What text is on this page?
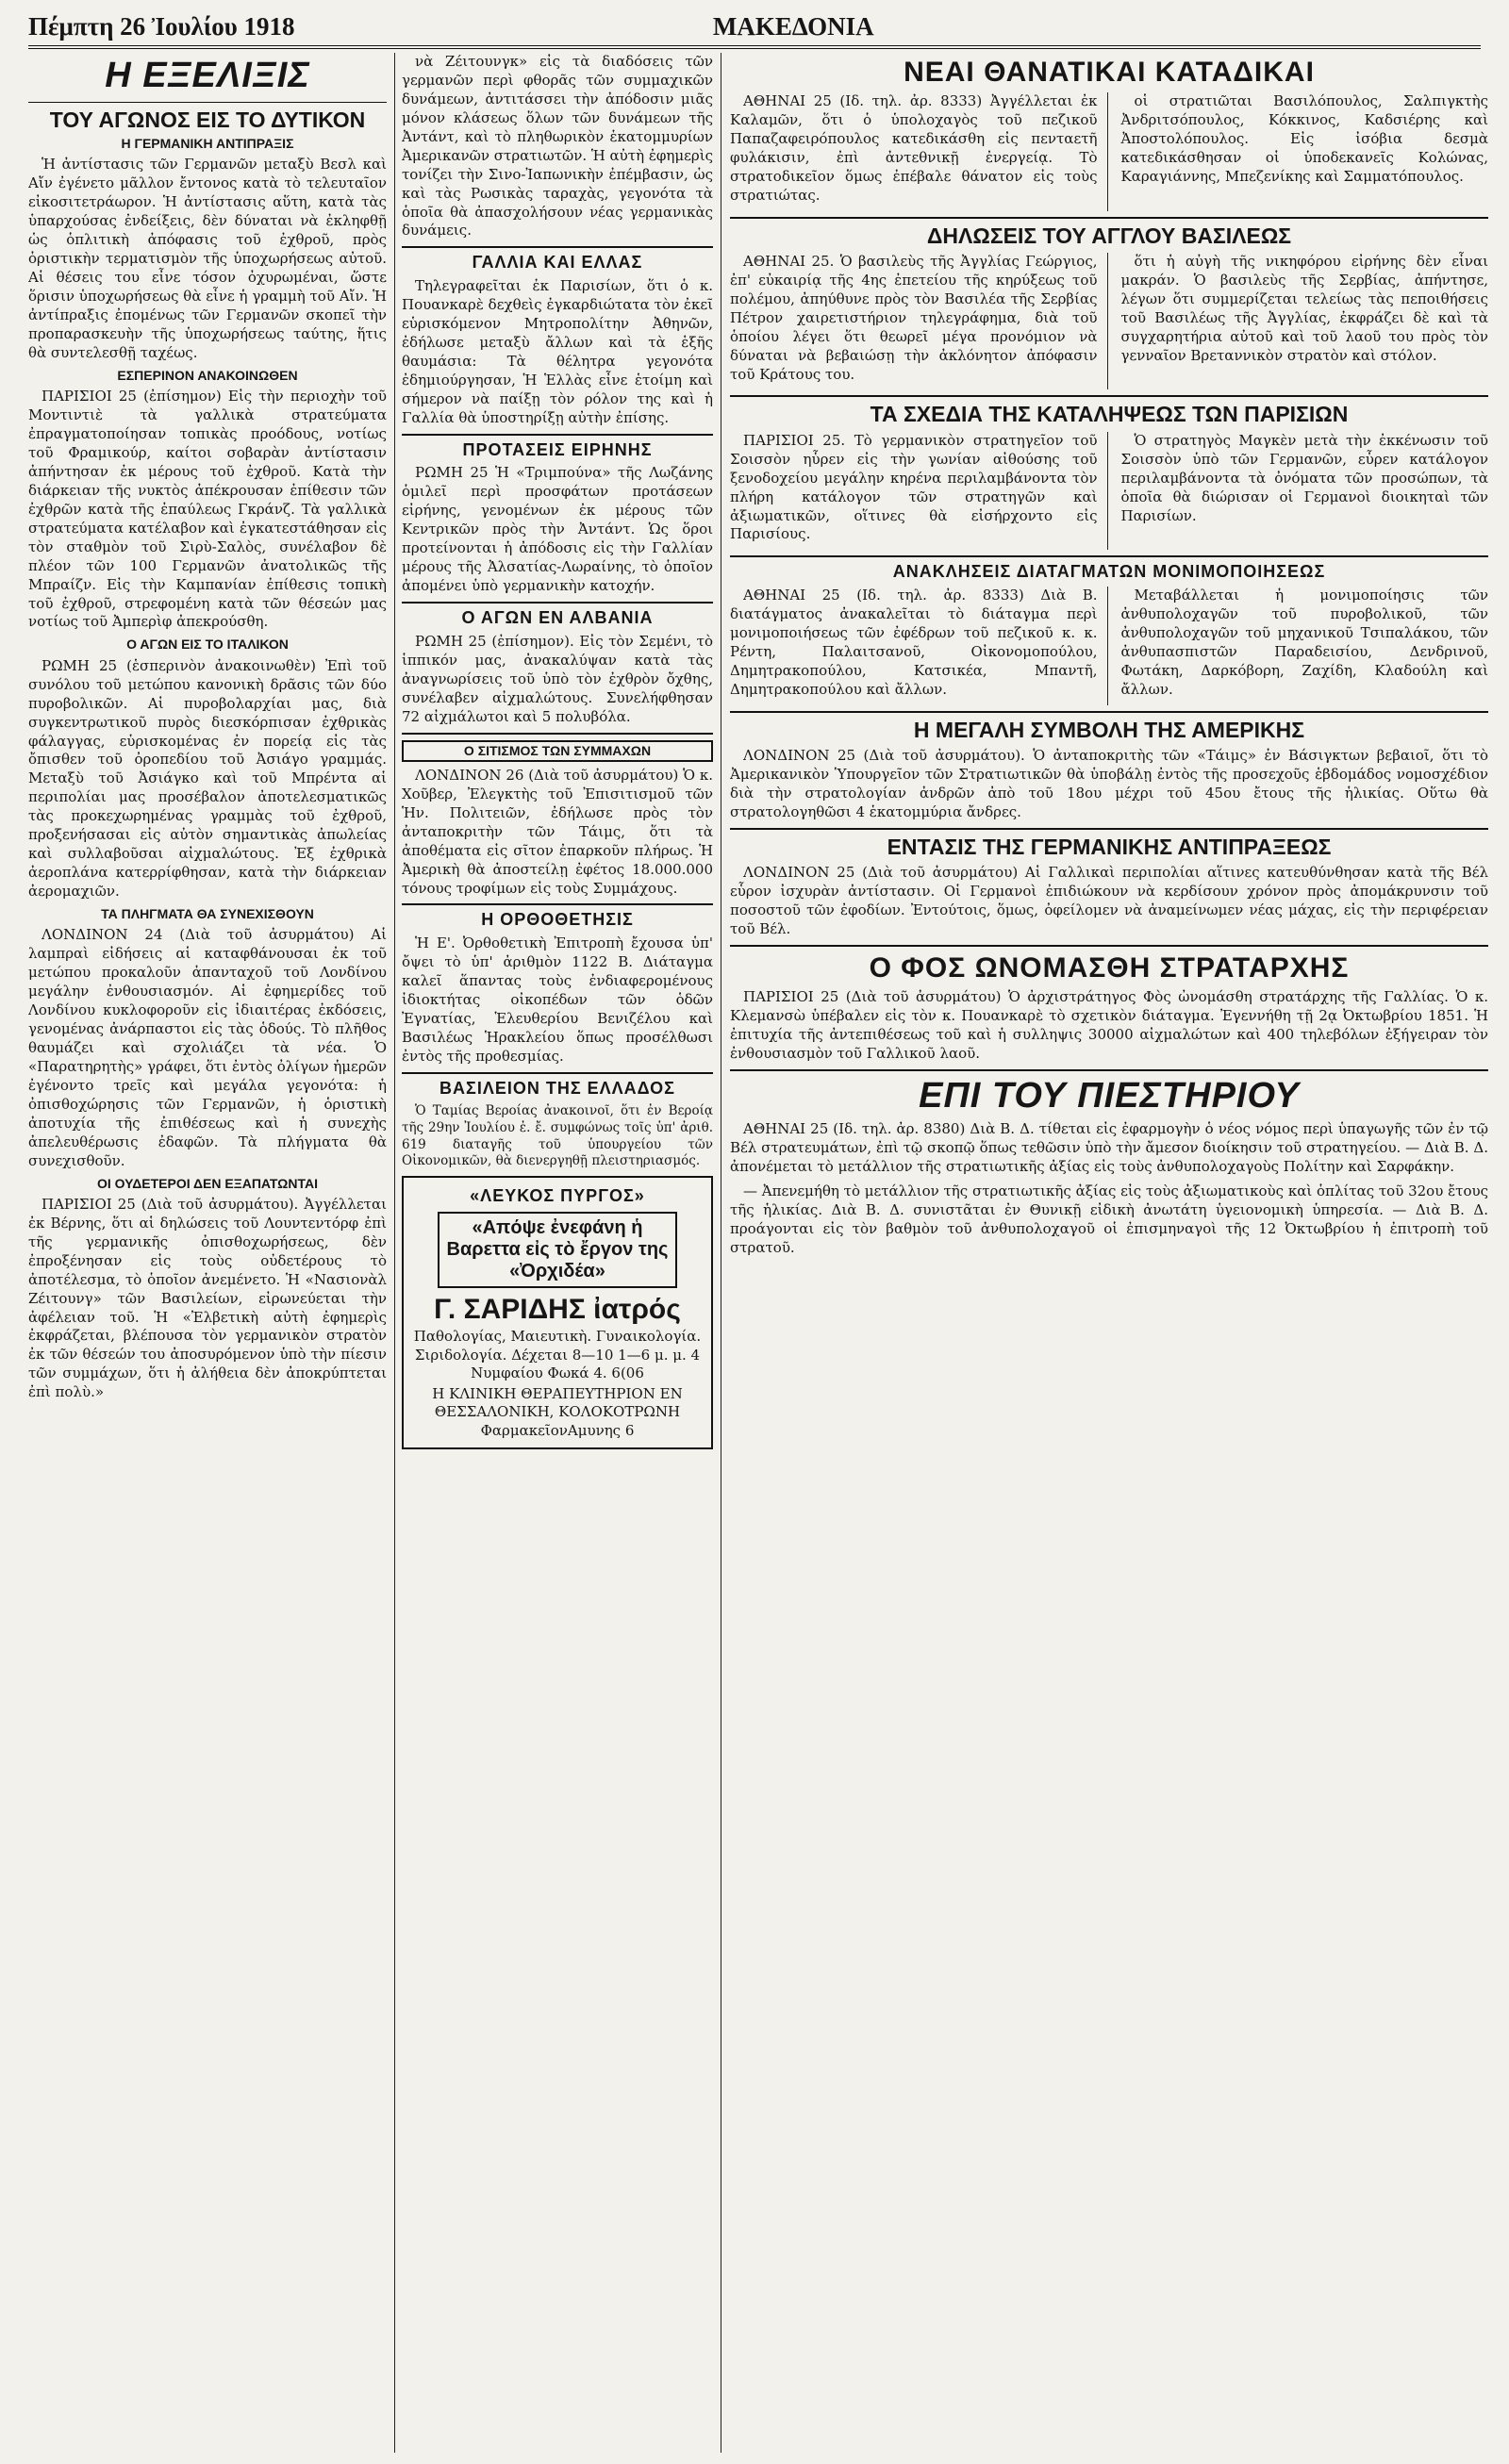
Πέμπτη 26 Ἰουλίου 1918	ΜΑΚΕΔΟΝΙΑ
Η ΕΞΕΛΙΞΙΣ
ΤΟΥ ΑΓΩΝΟΣ ΕΙΣ ΤΟ ΔΥΤΙΚΟΝ
Η ΓΕΡΜΑΝΙΚΗ ΑΝΤΙΠΡΑΞΙΣ

Ἡ ἀντίστασις τῶν Γερμανῶν μεταξὺ Βεσλ καὶ Αἴν ἐγένετο μᾶλλον ἔντονος κατὰ τὸ τελευταῖον εἰκοσιτετράωρον. Ἡ ἀντίστασις αὕτη, κατὰ τὰς ὑπαρχούσας ἐνδείξεις, δὲν δύναται νὰ ἐκληφθῇ ὡς ὁπλιτικὴ ἀπόφασις τοῦ ἐχθροῦ, πρὸς ὁριστικὴν τερματισμὸν τῆς ὑποχωρήσεως αὐτοῦ. Αἱ θέσεις του εἶνε τόσον ὀχυρωμέναι, ὥστε ὅρισιν ὑποχωρήσεως θὰ εἶνε ἡ γραμμὴ τοῦ Αἴν. Ἡ ἀντίπραξις ἐπομένως τῶν Γερμανῶν σκοπεῖ τὴν προπαρασκευὴν τῆς ὑποχωρήσεως ταύτης, ἥτις θὰ συντελεσθῇ ταχέως.

ΕΣΠΕΡΙΝΟΝ ΑΝΑΚΟΙΝΩΘΕΝ

ΠΑΡΙΣΙΟΙ 25 (ἐπίσημον) Εἰς τὴν περιοχὴν τοῦ Μοντιντιὲ τὰ γαλλικὰ στρατεύματα ἐπραγματοποίησαν τοπικὰς προόδους, νοτίως τοῦ Φραμικούρ, καίτοι σοβαρὰν ἀντίστασιν ἀπήντησαν ἐκ μέρους τοῦ ἐχθροῦ. Κατὰ τὴν διάρκειαν τῆς νυκτὸς ἀπέκρουσαν ἐπίθεσιν τῶν ἐχθρῶν κατὰ τῆς ἐπαύλεως Γκράνζ. Τὰ γαλλικὰ στρατεύματα κατέλαβον καὶ ἐγκατεστάθησαν εἰς τὸν σταθμὸν τοῦ Σιρὺ-Σαλὸς, συνέλαβον δὲ πλέον τῶν 100 Γερμανῶν ἀνατολικῶς τῆς Μπραίζν. Εἰς τὴν Καμπανίαν ἐπίθεσις τοπικὴ τοῦ ἐχθροῦ, στρεφομένη κατὰ τῶν θέσεών μας νοτίως τοῦ Ἀμπερὶφ ἀπεκρούσθη.

Ο ΑΓΩΝ ΕΙΣ ΤΟ ΙΤΑΛΙΚΟΝ

ΡΩΜΗ 25 (ἑσπερινὸν ἀνακοινωθὲν) Ἐπὶ τοῦ συνόλου τοῦ μετώπου κανονικὴ δρᾶσις τῶν δύο πυροβολικῶν. Αἱ πυροβολαρχίαι μας, διὰ συγκεντρωτικοῦ πυρὸς διεσκόρπισαν ἐχθρικὰς φάλαγγας, εὑρισκομένας ἐν πορείᾳ εἰς τὰς ὄπισθεν τοῦ ὀροπεδίου τοῦ Ἀσιάγο γραμμάς. Μεταξὺ τοῦ Ἀσιάγκο καὶ τοῦ Μπρέντα αἱ περιπολίαι μας προσέβαλον ἀποτελεσματικῶς τὰς προκεχωρημένας γραμμὰς τοῦ ἐχθροῦ, προξενήσασαι εἰς αὐτὸν σημαντικὰς ἀπωλείας καὶ συλλαβοῦσαι αἰχμαλώτους. Ἐξ ἐχθρικὰ ἀεροπλάνα κατερρίφθησαν, κατὰ τὴν διάρκειαν ἀερομαχιῶν.

ΤΑ ΠΛΗΓΜΑΤΑ ΘΑ ΣΥΝΕΧΙΣΘΟΥΝ

ΛΟΝΔΙΝΟΝ 24 (Διὰ τοῦ ἀσυρμάτου) Αἱ λαμπραὶ εἰδήσεις αἱ καταφθάνουσαι ἐκ τοῦ μετώπου προκαλοῦν ἀπανταχοῦ τοῦ Λονδίνου μεγάλην ἐνθουσιασμόν. Αἱ ἐφημερίδες τοῦ Λονδίνου κυκλοφοροῦν εἰς ἰδιαιτέρας ἐκδόσεις, γενομένας ἀνάρπαστοι εἰς τὰς ὁδούς. Τὸ πλῆθος θαυμάζει καὶ σχολιάζει τὰ νέα. Ὁ «Παρατηρητὴς» γράφει, ὅτι ἐντὸς ὀλίγων ἡμερῶν ἐγένοντο τρεῖς καὶ μεγάλα γεγονότα: ἡ ὀπισθοχώρησις τῶν Γερμανῶν, ἡ ὁριστικὴ ἀποτυχία τῆς ἐπιθέσεως καὶ ἡ συνεχὴς ἀπελευθέρωσις ἐδαφῶν. Τὰ πλήγματα θὰ συνεχισθοῦν.

ΟΙ ΟΥΔΕΤΕΡΟΙ ΔΕΝ ΕΞΑΠΑΤΩΝΤΑΙ

ΠΑΡΙΣΙΟΙ 25 (Διὰ τοῦ ἀσυρμάτου). Ἀγγέλλεται ἐκ Βέρνης, ὅτι αἱ δηλώσεις τοῦ Λουντεντόρφ ἐπὶ τῆς γερμανικῆς ὀπισθοχωρήσεως, δὲν ἐπροξένησαν εἰς τοὺς οὐδετέρους τὸ ἀποτέλεσμα, τὸ ὁποῖον ἀνεμένετο. Ἡ «Νασιονὰλ Ζέιτουνγ» τῶν Βασιλείων, εἰρωνεύεται τὴν ἀφέλειαν τοῦ. Ἡ «Ἐλβετικὴ αὐτὴ ἐφημερὶς ἐκφράζεται, βλέπουσα τὸν γερμανικὸν στρατὸν ἐκ τῶν θέσεών του ἀποσυρόμενον ὑπὸ τὴν πίεσιν τῶν συμμάχων, ὅτι ἡ ἀλήθεια δὲν ἀποκρύπτεται ἐπὶ πολὺ.»

νὰ Ζέιτουνγκ» εἰς τὰ διαδόσεις τῶν γερμανῶν περὶ φθορᾶς τῶν συμμαχικῶν δυνάμεων, ἀντιτάσσει τὴν ἀπόδοσιν μιᾶς μόνον κλάσεως ὅλων τῶν δυνάμεων τῆς Ἀντάντ, καὶ τὸ πληθωρικὸν ἑκατομμυρίων Ἀμερικανῶν στρατιωτῶν. Ἡ αὐτὴ ἐφημερὶς τονίζει τὴν Σινο-Ἰαπωνικὴν ἐπέμβασιν, ὡς καὶ τὰς Ρωσικὰς ταραχὰς, γεγονότα τὰ ὁποῖα θὰ ἀπασχολήσουν νέας γερμανικὰς δυνάμεις.

ΓΑΛΛΙΑ ΚΑΙ ΕΛΛΑΣ

Τηλεγραφεῖται ἐκ Παρισίων, ὅτι ὁ κ. Πουανκαρὲ δεχθεὶς ἐγκαρδιώτατα τὸν ἐκεῖ εὑρισκόμενον Μητροπολίτην Ἀθηνῶν, ἐδήλωσε μεταξὺ ἄλλων καὶ τὰ ἑξῆς θαυμάσια: Τὰ θέλητρα γεγονότα ἐδημιούργησαν, Ἡ Ἑλλὰς εἶνε ἑτοίμη καὶ σήμερον νὰ παίξῃ τὸν ρόλον της καὶ ἡ Γαλλία θὰ ὑποστηρίξῃ αὐτὴν ἐπίσης.

ΠΡΟΤΑΣΕΙΣ ΕΙΡΗΝΗΣ

ΡΩΜΗ 25 Ἡ «Τριμπούνα» τῆς Λωζάνης ὁμιλεῖ περὶ προσφάτων προτάσεων εἰρήνης, γενομένων ἐκ μέρους τῶν Κεντρικῶν πρὸς τὴν Ἀντάντ. Ὡς ὅροι προτείνονται ἡ ἀπόδοσις εἰς τὴν Γαλλίαν μέρους τῆς Ἀλσατίας-Λωραίνης, τὸ ὁποῖον ἀπομένει ὑπὸ γερμανικὴν κατοχήν.

Ο ΑΓΩΝ ΕΝ ΑΛΒΑΝΙΑ

ΡΩΜΗ 25 (ἐπίσημον). Εἰς τὸν Σεμένι, τὸ ἱππικόν μας, ἀνακαλύψαν κατὰ τὰς ἀναγνωρίσεις τοῦ ὑπὸ τὸν ἐχθρὸν ὄχθης, συνέλαβεν αἰχμαλώτους. Συνελήφθησαν 72 αἰχμάλωτοι καὶ 5 πολυβόλα.

Ο ΣΙΤΙΣΜΟΣ ΤΩΝ ΣΥΜΜΑΧΩΝ

ΛΟΝΔΙΝΟΝ 26 (Διὰ τοῦ ἀσυρμάτου) Ὁ κ. Χοῦβερ, Ἐλεγκτὴς τοῦ Ἐπισιτισμοῦ τῶν Ἡν. Πολιτειῶν, ἐδήλωσε πρὸς τὸν ἀνταποκριτὴν τῶν Τάιμς, ὅτι τὰ ἀποθέματα εἰς σῖτον ἐπαρκοῦν πλήρως. Ἡ Ἀμερικὴ θὰ ἀποστείλῃ ἐφέτος 18.000.000 τόνους τροφίμων εἰς τοὺς Συμμάχους.

Η ΟΡΘΟΘΕΤΗΣΙΣ

Ἡ Ε'. Ὀρθοθετικὴ Ἐπιτροπὴ ἔχουσα ὑπ' ὄψει τὸ ὑπ' ἀριθμὸν 1122 Β. Διάταγμα καλεῖ ἅπαντας τοὺς ἐνδιαφερομένους ἰδιοκτήτας οἰκοπέδων τῶν ὁδῶν Ἐγνατίας, Ἑλευθερίου Βενιζέλου καὶ Βασιλέως Ἡρακλείου ὅπως προσέλθωσι ἐντὸς τῆς προθεσμίας.

ΒΑΣΙΛΕΙΟΝ ΤΗΣ ΕΛΛΑΔΟΣ

Ὁ Ταμίας Βεροίας ἀνακοινοῖ, ὅτι ἐν Βεροίᾳ τῆς 29ην Ἰουλίου ἐ. ἔ. συμφώνως τοῖς ὑπ' ἀριθ. 619 διαταγῆς τοῦ ὑπουργείου τῶν Οἰκονομικῶν, θὰ διενεργηθῇ πλειστηριασμός.

«ΛΕΥΚΟΣ ΠΥΡΓΟΣ»
«Απόψε ἐνεφάνη ἡ Βαρεττα εἰς τὸ ἔργον της «Ὀρχιδέα»
Γ. ΣΑΡΙΔΗΣ ἰατρός
Παθολογίας, Μαιευτικὴ. Γυναικολογία. Σιριδολογία. Δέχεται 8—10 1—6 μ. μ. 4 Νυμφαίου Φωκά 4. 6(06
Η ΚΛΙΝΙΚΗ ΘΕΡΑΠΕΥΤΗΡΙΟΝ ΕΝ ΘΕΣΣΑΛΟΝΙΚΗ, ΚΟΛΟΚΟΤΡΩΝΗ ΦαρμακεῖονΑμυνης 6
ΝΕΑΙ ΘΑΝΑΤΙΚΑΙ ΚΑΤΑΔΙΚΑΙ

ΑΘΗΝΑΙ 25 (Ιδ. τηλ. ἀρ. 8333) Ἀγγέλλεται ἐκ Καλαμῶν, ὅτι ὁ ὑπολοχαγὸς τοῦ πεζικοῦ Παπαζαφειρόπουλος κατεδικάσθη εἰς πενταετῆ φυλάκισιν, ἐπὶ ἀντεθνικῇ ἐνεργείᾳ. Τὸ στρατοδικεῖον ὅμως ἐπέβαλε θάνατον εἰς τοὺς στρατιώτας.

οἱ στρατιῶται Βασιλόπουλος, Σαλπιγκτὴς Ἀνδριτσόπουλος, Κόκκινος, Καδσιέρης καὶ Ἀποστολόπουλος. Εἰς ἰσόβια δεσμὰ κατεδικάσθησαν οἱ ὑποδεκανεῖς Κολώνας, Καραγιάννης, Μπεζενίκης καὶ Σαμματόπουλος.

ΔΗΛΩΣΕΙΣ ΤΟΥ ΑΓΓΛΟΥ ΒΑΣΙΛΕΩΣ

ΑΘΗΝΑΙ 25. Ὁ βασιλεὺς τῆς Ἀγγλίας Γεώργιος, ἐπ' εὐκαιρίᾳ τῆς 4ης ἐπετείου τῆς κηρύξεως τοῦ πολέμου, ἀπηύθυνε πρὸς τὸν Βασιλέα τῆς Σερβίας Πέτρον χαιρετιστήριον τηλεγράφημα, διὰ τοῦ ὁποίου λέγει ὅτι θεωρεῖ μέγα προνόμιον νὰ δύναται νὰ βεβαιώσῃ τὴν ἀκλόνητον ἀπόφασιν τοῦ Κράτους του.

ὅτι ἡ αὐγὴ τῆς νικηφόρου εἰρήνης δὲν εἶναι μακράν. Ὁ βασιλεὺς τῆς Σερβίας, ἀπήντησε, λέγων ὅτι συμμερίζεται τελείως τὰς πεποιθήσεις τοῦ Βασιλέως τῆς Ἀγγλίας, ἐκφράζει δὲ καὶ τὰ συγχαρητήρια αὐτοῦ καὶ τοῦ λαοῦ του πρὸς τὸν γενναῖον Βρεταννικὸν στρατὸν καὶ στόλον.

ΤΑ ΣΧΕΔΙΑ ΤΗΣ ΚΑΤΑΛΗΨΕΩΣ ΤΩΝ ΠΑΡΙΣΙΩΝ

ΠΑΡΙΣΙΟΙ 25. Τὸ γερμανικὸν στρατηγεῖον τοῦ Σοισσὸν ηὗρεν εἰς τὴν γωνίαν αἰθούσης τοῦ ξενοδοχείου μεγάλην κηρένα περιλαμβάνοντα τὸν πλήρη κατάλογον τῶν στρατηγῶν καὶ ἀξιωματικῶν, οἵτινες θὰ εἰσήρχοντο εἰς Παρισίους.

Ὁ στρατηγὸς Μαγκὲν μετὰ τὴν ἐκκένωσιν τοῦ Σοισσὸν ὑπὸ τῶν Γερμανῶν, εὗρεν κατάλογον περιλαμβάνοντα τὰ ὀνόματα τῶν προσώπων, τὰ ὁποῖα θὰ διώρισαν οἱ Γερμανοὶ διοικηταὶ τῶν Παρισίων.

ΑΝΑΚΛΗΣΕΙΣ ΔΙΑΤΑΓΜΑΤΩΝ ΜΟΝΙΜΟΠΟΙΗΣΕΩΣ

ΑΘΗΝΑΙ 25 (Ιδ. τηλ. ἀρ. 8333) Διὰ Β. διατάγματος ἀνακαλεῖται τὸ διάταγμα περὶ μονιμοποιήσεως τῶν ἐφέδρων τοῦ πεζικοῦ κ. κ. Ρέντη, Παλαιτσανοῦ, Οἰκονομοπούλου, Δημητρακοπούλου, Κατσικέα, Μπαντῆ, Δημητρακοπούλου καὶ ἄλλων.

Μεταβάλλεται ἡ μονιμοποίησις τῶν ἀνθυπολοχαγῶν τοῦ πυροβολικοῦ, τῶν ἀνθυπολοχαγῶν τοῦ μηχανικοῦ Τσιπαλάκου, τῶν ἀνθυπασπιστῶν Παραδεισίου, Δενδρινοῦ, Φωτάκη, Δαρκόβορη, Ζαχίδη, Κλαδούλη καὶ ἄλλων.

Η ΜΕΓΑΛΗ ΣΥΜΒΟΛΗ ΤΗΣ ΑΜΕΡΙΚΗΣ

ΛΟΝΔΙΝΟΝ 25 (Διὰ τοῦ ἀσυρμάτου). Ὁ ἀνταποκριτὴς τῶν «Τάιμς» ἐν Βάσιγκτων βεβαιοῖ, ὅτι τὸ Ἀμερικανικὸν Ὑπουργεῖον τῶν Στρατιωτικῶν θὰ ὑποβάλῃ ἐντὸς τῆς προσεχοῦς ἑβδομάδος νομοσχέδιον διὰ τὴν στρατολογίαν ἀνδρῶν ἀπὸ τοῦ 18ου μέχρι τοῦ 45ου ἔτους τῆς ἡλικίας. Οὕτω θὰ στρατολογηθῶσι 4 ἑκατομμύρια ἄνδρες.

ΕΝΤΑΣΙΣ ΤΗΣ ΓΕΡΜΑΝΙΚΗΣ ΑΝΤΙΠΡΑΞΕΩΣ

ΛΟΝΔΙΝΟΝ 25 (Διὰ τοῦ ἀσυρμάτου) Αἱ Γαλλικαὶ περιπολίαι αἵτινες κατευθύνθησαν κατὰ τῆς Βέλ εὗρον ἰσχυρὰν ἀντίστασιν. Οἱ Γερμανοὶ ἐπιδιώκουν νὰ κερδίσουν χρόνον πρὸς ἀπομάκρυνσιν τοῦ ποσοστοῦ τῶν ἐφοδίων. Ἐντούτοις, ὅμως, ὀφείλομεν νὰ ἀναμείνωμεν νέας μάχας, εἰς τὴν περιφέρειαν τοῦ Βέλ.

Ο ΦΟΣ ΩΝΟΜΑΣΘΗ ΣΤΡΑΤΑΡΧΗΣ

ΠΑΡΙΣΙΟΙ 25 (Διὰ τοῦ ἀσυρμάτου) Ὁ ἀρχιστράτηγος Φὸς ὠνομάσθη στρατάρχης τῆς Γαλλίας. Ὁ κ. Κλεμανσὼ ὑπέβαλεν εἰς τὸν κ. Πουανκαρὲ τὸ σχετικὸν διάταγμα. Ἐγεννήθη τῇ 2ᾳ Ὀκτωβρίου 1851. Ἡ ἐπιτυχία τῆς ἀντεπιθέσεως τοῦ καὶ ἡ συλληψις 30000 αἰχμαλώτων καὶ 400 τηλεβόλων ἐξήγειραν τὸν ἐνθουσιασμὸν τοῦ Γαλλικοῦ λαοῦ.

ΕΠΙ ΤΟΥ ΠΙΕΣΤΗΡΙΟΥ

ΑΘΗΝΑΙ 25 (Ιδ. τηλ. ἀρ. 8380) Διὰ Β. Δ. τίθεται εἰς ἐφαρμογὴν ὁ νέος νόμος περὶ ὑπαγωγῆς τῶν ἐν τῷ Βέλ στρατευμάτων, ἐπὶ τῷ σκοπῷ ὅπως τεθῶσιν ὑπὸ τὴν ἄμεσον διοίκησιν τοῦ στρατηγείου. — Διὰ Β. Δ. ἀπονέμεται τὸ μετάλλιον τῆς στρατιωτικῆς ἀξίας εἰς τοὺς ἀνθυπολοχαγοὺς Πολίτην καὶ Σαρφάκην.

— Ἀπενεμήθη τὸ μετάλλιον τῆς στρατιωτικῆς ἀξίας εἰς τοὺς ἀξιωματικοὺς καὶ ὁπλίτας τοῦ 32ου ἔτους τῆς ἡλικίας. Διὰ Β. Δ. συνιστᾶται ἐν Θυνικῇ εἰδικὴ ἀνωτάτη ὑγειονομικὴ ὑπηρεσία. — Διὰ Β. Δ. προάγονται εἰς τὸν βαθμὸν τοῦ ἀνθυπολοχαγοῦ οἱ ἐπισμηναγοὶ τῆς 12 Ὀκτωβρίου ἡ ἐπιτροπὴ τοῦ στρατοῦ.
